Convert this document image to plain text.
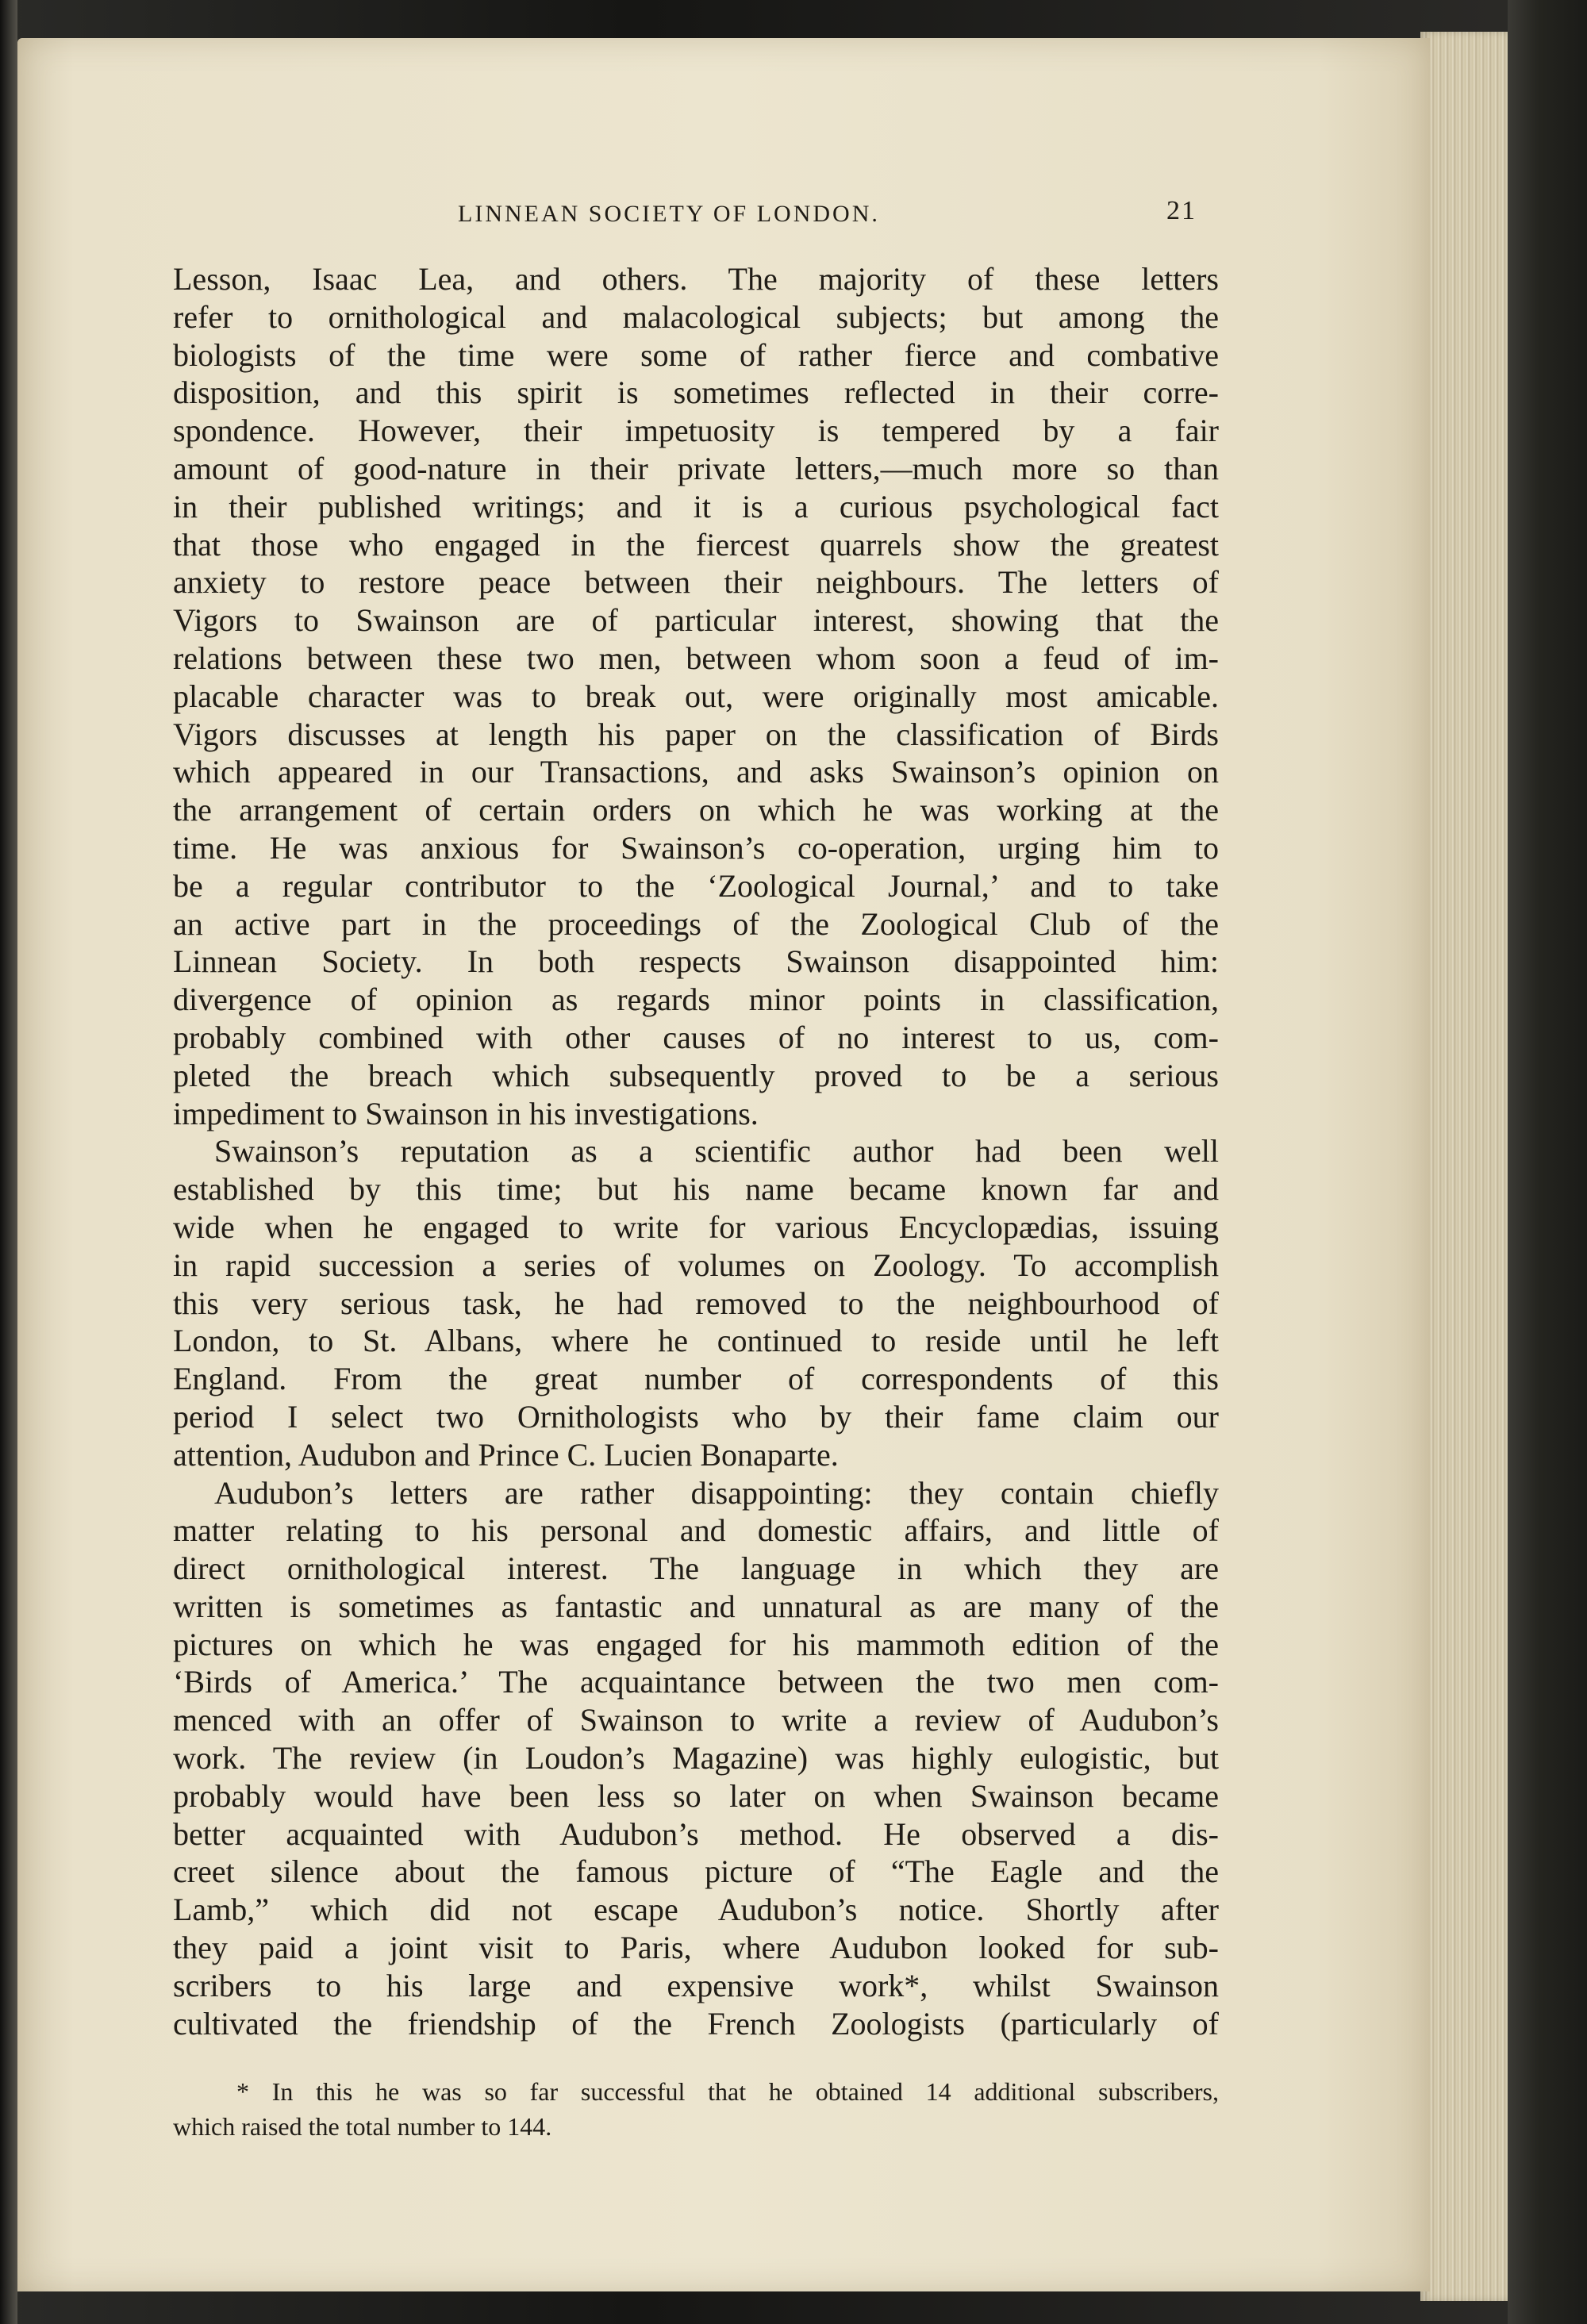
LINNEAN SOCIETY OF LONDON.	21
Lesson, Isaac Lea, and others. The majority of these letters
refer to ornithological and malacological subjects; but among the
biologists of the time were some of rather fierce and combative
disposition, and this spirit is sometimes reflected in their corre-
spondence. However, their impetuosity is tempered by a fair
amount of good-nature in their private letters,—much more so than
in their published writings; and it is a curious psychological fact
that those who engaged in the fiercest quarrels show the greatest
anxiety to restore peace between their neighbours. The letters of
Vigors to Swainson are of particular interest, showing that the
relations between these two men, between whom soon a feud of im-
placable character was to break out, were originally most amicable.
Vigors discusses at length his paper on the classification of Birds
which appeared in our Transactions, and asks Swainson’s opinion on
the arrangement of certain orders on which he was working at the
time. He was anxious for Swainson’s co-operation, urging him to
be a regular contributor to the ‘Zoological Journal,’ and to take
an active part in the proceedings of the Zoological Club of the
Linnean Society. In both respects Swainson disappointed him:
divergence of opinion as regards minor points in classification,
probably combined with other causes of no interest to us, com-
pleted the breach which subsequently proved to be a serious
impediment to Swainson in his investigations.
Swainson’s reputation as a scientific author had been well
established by this time; but his name became known far and
wide when he engaged to write for various Encyclopædias, issuing
in rapid succession a series of volumes on Zoology. To accomplish
this very serious task, he had removed to the neighbourhood of
London, to St. Albans, where he continued to reside until he left
England. From the great number of correspondents of this
period I select two Ornithologists who by their fame claim our
attention, Audubon and Prince C. Lucien Bonaparte.
Audubon’s letters are rather disappointing: they contain chiefly
matter relating to his personal and domestic affairs, and little of
direct ornithological interest. The language in which they are
written is sometimes as fantastic and unnatural as are many of the
pictures on which he was engaged for his mammoth edition of the
‘Birds of America.’ The acquaintance between the two men com-
menced with an offer of Swainson to write a review of Audubon’s
work. The review (in Loudon’s Magazine) was highly eulogistic, but
probably would have been less so later on when Swainson became
better acquainted with Audubon’s method. He observed a dis-
creet silence about the famous picture of “The Eagle and the
Lamb,” which did not escape Audubon’s notice. Shortly after
they paid a joint visit to Paris, where Audubon looked for sub-
scribers to his large and expensive work*, whilst Swainson
cultivated the friendship of the French Zoologists (particularly of
* In this he was so far successful that he obtained 14 additional subscribers,
which raised the total number to 144.
